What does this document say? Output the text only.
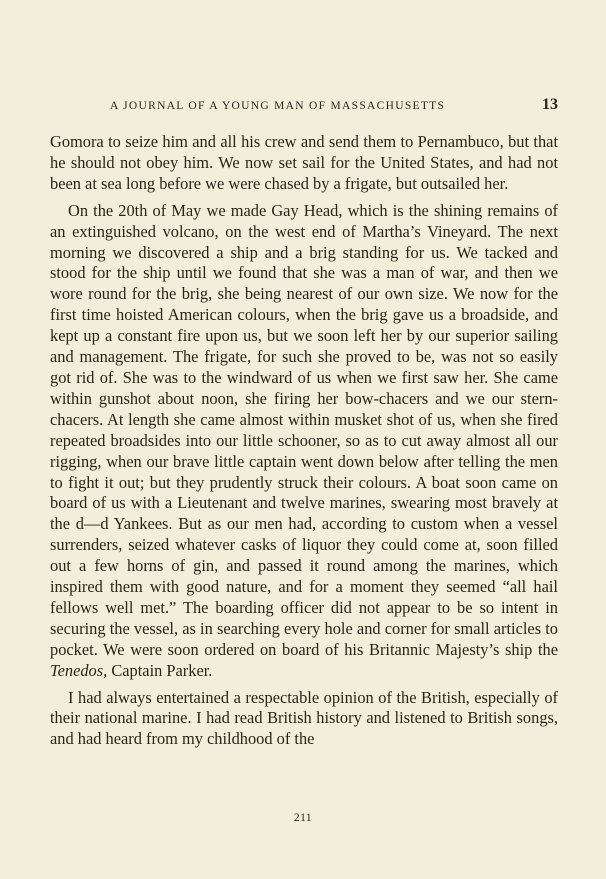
A JOURNAL OF A YOUNG MAN OF MASSACHUSETTS	13

Gomora to seize him and all his crew and send them to Pernambuco, but that he should not obey him. We now set sail for the United States, and had not been at sea long before we were chased by a frigate, but outsailed her.

On the 20th of May we made Gay Head, which is the shining remains of an extinguished volcano, on the west end of Martha’s Vineyard. The next morning we discovered a ship and a brig standing for us. We tacked and stood for the ship until we found that she was a man of war, and then we wore round for the brig, she being nearest of our own size. We now for the first time hoisted American colours, when the brig gave us a broadside, and kept up a constant fire upon us, but we soon left her by our superior sailing and management. The frigate, for such she proved to be, was not so easily got rid of. She was to the windward of us when we first saw her. She came within gunshot about noon, she firing her bow-chacers and we our stern-chacers. At length she came almost within musket shot of us, when she fired repeated broadsides into our little schooner, so as to cut away almost all our rigging, when our brave little captain went down below after telling the men to fight it out; but they prudently struck their colours. A boat soon came on board of us with a Lieutenant and twelve marines, swearing most bravely at the d—d Yankees. But as our men had, according to custom when a vessel surrenders, seized whatever casks of liquor they could come at, soon filled out a few horns of gin, and passed it round among the marines, which inspired them with good nature, and for a moment they seemed “all hail fellows well met.” The boarding officer did not appear to be so intent in securing the vessel, as in searching every hole and corner for small articles to pocket. We were soon ordered on board of his Britannic Majesty’s ship the Tenedos, Captain Parker.

I had always entertained a respectable opinion of the British, especially of their national marine. I had read British history and listened to British songs, and had heard from my childhood of the

211
